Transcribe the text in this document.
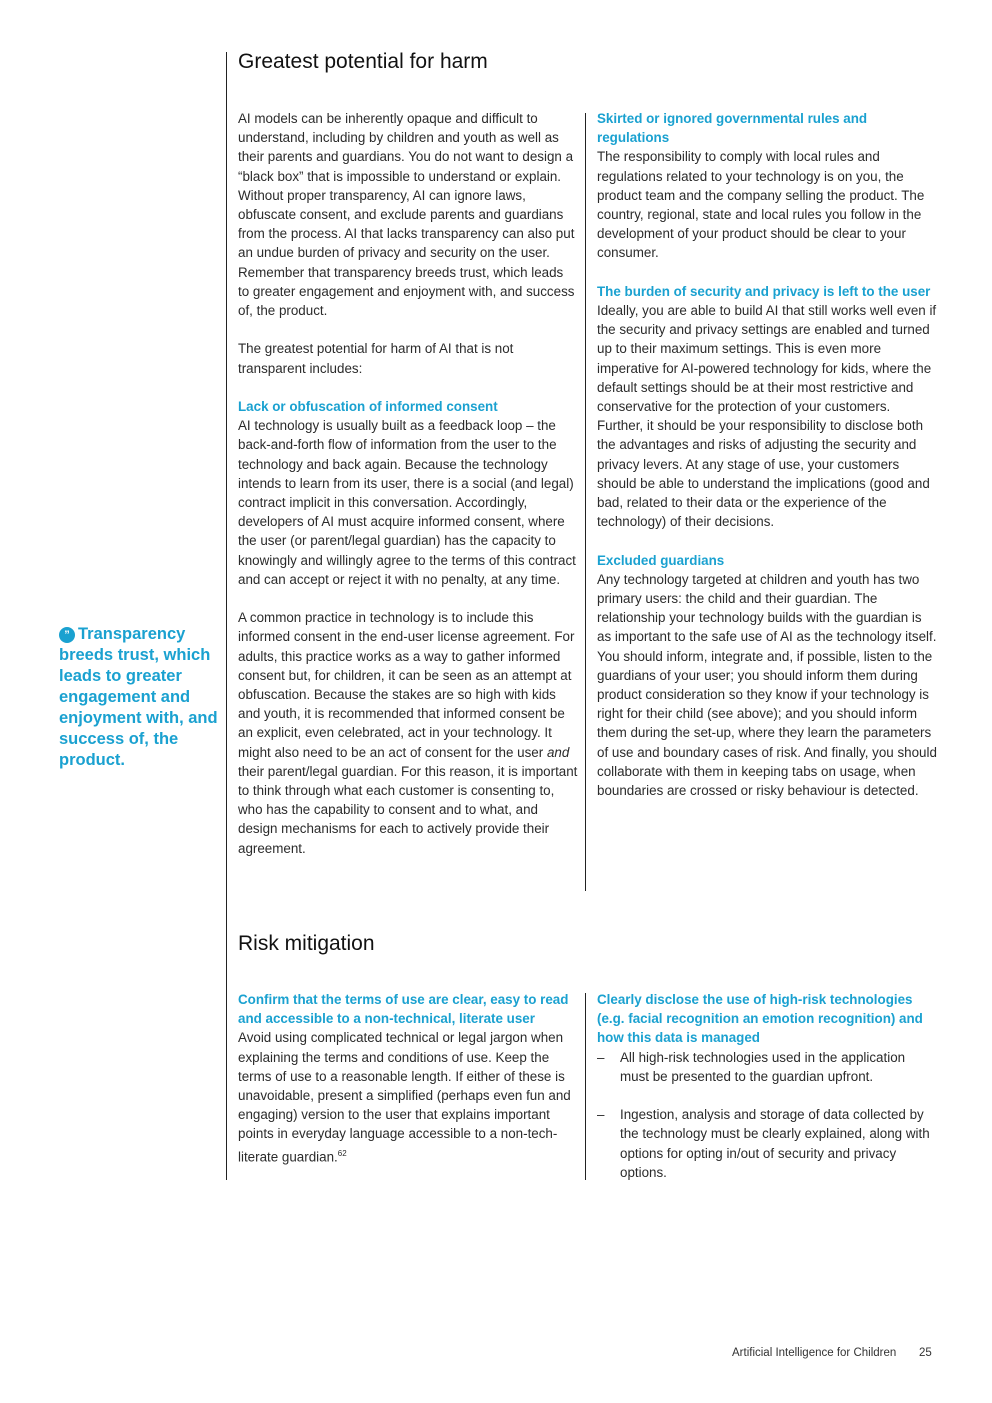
Greatest potential for harm

AI models can be inherently opaque and difficult to understand, including by children and youth as well as their parents and guardians. You do not want to design a “black box” that is impossible to understand or explain. Without proper transparency, AI can ignore laws, obfuscate consent, and exclude parents and guardians from the process. AI that lacks transparency can also put an undue burden of privacy and security on the user. Remember that transparency breeds trust, which leads to greater engagement and enjoyment with, and success of, the product.

The greatest potential for harm of AI that is not transparent includes:

Lack or obfuscation of informed consent

AI technology is usually built as a feedback loop – the back-and-forth flow of information from the user to the technology and back again. Because the technology intends to learn from its user, there is a social (and legal) contract implicit in this conversation. Accordingly, developers of AI must acquire informed consent, where the user (or parent/legal guardian) has the capacity to knowingly and willingly agree to the terms of this contract and can accept or reject it with no penalty, at any time.

A common practice in technology is to include this informed consent in the end-user license agreement. For adults, this practice works as a way to gather informed consent but, for children, it can be seen as an attempt at obfuscation. Because the stakes are so high with kids and youth, it is recommended that informed consent be an explicit, even celebrated, act in your technology. It might also need to be an act of consent for the user and their parent/legal guardian. For this reason, it is important to think through what each customer is consenting to, who has the capability to consent and to what, and design mechanisms for each to actively provide their agreement.

Skirted or ignored governmental rules and regulations

The responsibility to comply with local rules and regulations related to your technology is on you, the product team and the company selling the product. The country, regional, state and local rules you follow in the development of your product should be clear to your consumer.

The burden of security and privacy is left to the user

Ideally, you are able to build AI that still works well even if the security and privacy settings are enabled and turned up to their maximum settings. This is even more imperative for AI-powered technology for kids, where the default settings should be at their most restrictive and conservative for the protection of your customers. Further, it should be your responsibility to disclose both the advantages and risks of adjusting the security and privacy levers. At any stage of use, your customers should be able to understand the implications (good and bad, related to their data or the experience of the technology) of their decisions.

Excluded guardians

Any technology targeted at children and youth has two primary users: the child and their guardian. The relationship your technology builds with the guardian is as important to the safe use of AI as the technology itself. You should inform, integrate and, if possible, listen to the guardians of your user; you should inform them during product consideration so they know if your technology is right for their child (see above); and you should inform them during the set-up, where they learn the parameters of use and boundary cases of risk. And finally, you should collaborate with them in keeping tabs on usage, when boundaries are crossed or risky behaviour is detected.

” Transparency breeds trust, which leads to greater engagement and enjoyment with, and success of, the product.
Risk mitigation

Confirm that the terms of use are clear, easy to read and accessible to a non-technical, literate user

Avoid using complicated technical or legal jargon when explaining the terms and conditions of use. Keep the terms of use to a reasonable length. If either of these is unavoidable, present a simplified (perhaps even fun and engaging) version to the user that explains important points in everyday language accessible to a non-tech-literate guardian.$^{62}$

Clearly disclose the use of high-risk technologies (e.g. facial recognition an emotion recognition) and how this data is managed

– All high-risk technologies used in the application must be presented to the guardian upfront.
– Ingestion, analysis and storage of data collected by the technology must be clearly explained, along with options for opting in/out of security and privacy options.
Artificial Intelligence for Children 25
